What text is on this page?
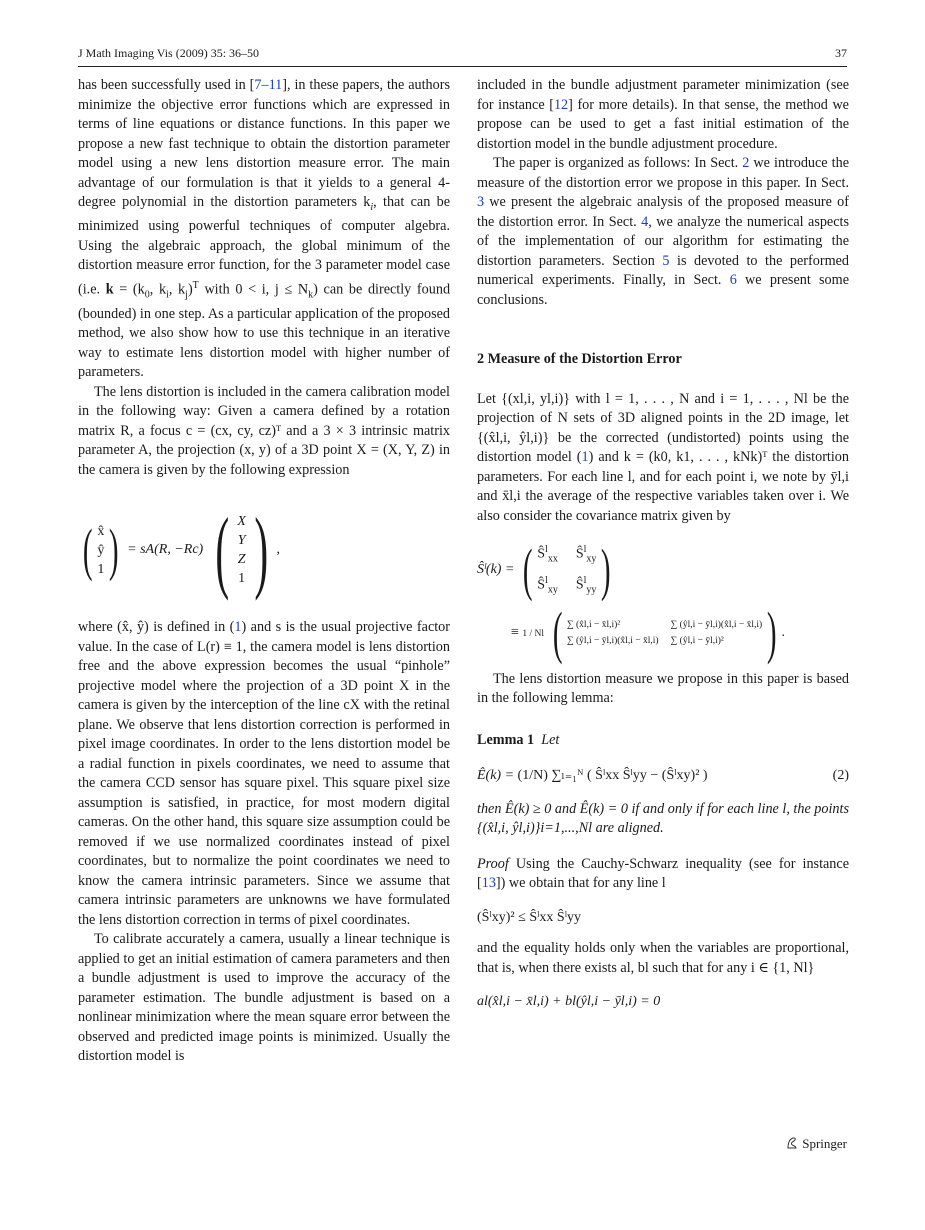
J Math Imaging Vis (2009) 35: 36–50	37

has been successfully used in [7–11], in these papers, the authors minimize the objective error functions which are expressed in terms of line equations or distance functions. In this paper we propose a new fast technique to obtain the distortion parameter model using a new lens distortion measure error. The main advantage of our formulation is that it yields to a general 4-degree polynomial in the distortion parameters $k_i$, that can be minimized using powerful techniques of computer algebra. Using the algebraic approach, the global minimum of the distortion measure error function, for the 3 parameter model case (i.e. $k = (k_0$, $k_i$, $k_j)^T$ with 0 < i, $j \le N_k$) can be directly found (bounded) in one step. As a particular application of the proposed method, we also show how to use this technique in an iterative way to estimate lens distortion model with higher number of parameters.

The lens distortion is included in the camera calibration model in the following way: Given a camera defined by a rotation matrix R, a focus c = (cx, cy, cz)ᵀ and a 3 × 3 intrinsic matrix parameter A, the projection (x, y) of a 3D point X = (X, Y, Z) in the camera is given by the following expression

( x̂
ŷ
1 ) = sA(R, −Rc) ( X
Y
Z
1 ) ,

where (x̂, ŷ) is defined in (1) and s is the usual projective factor value. In the case of L(r) ≡ 1, the camera model is lens distortion free and the above expression becomes the usual “pinhole” projective model where the projection of a 3D point X in the camera is given by the interception of the line cX with the retinal plane. We observe that lens distortion correction is performed in pixel image coordinates. In order to the lens distortion model be a radial function in pixels coordinates, we need to assume that the camera CCD sensor has square pixel. This square pixel size assumption is satisfied, in practice, for most modern digital cameras. On the other hand, this square size assumption could be removed if we use normalized coordinates instead of pixel coordinates, but to normalize the point coordinates we need to know the camera intrinsic parameters. Since we assume that camera intrinsic parameters are unknowns we have formulated the lens distortion correction in terms of pixel coordinates.

To calibrate accurately a camera, usually a linear technique is applied to get an initial estimation of camera parameters and then a bundle adjustment is used to improve the accuracy of the parameter estimation. The bundle adjustment is based on a nonlinear minimization where the mean square error between the observed and predicted image points is minimized. Usually the distortion model is

included in the bundle adjustment parameter minimization (see for instance [12] for more details). In that sense, the method we propose can be used to get a fast initial estimation of the distortion model in the bundle adjustment procedure.

The paper is organized as follows: In Sect. 2 we introduce the measure of the distortion error we propose in this paper. In Sect. 3 we present the algebraic analysis of the proposed measure of the distortion error. In Sect. 4, we analyze the numerical aspects of the implementation of our algorithm for estimating the distortion parameters. Section 5 is devoted to the performed numerical experiments. Finally, in Sect. 6 we present some conclusions.

2 Measure of the Distortion Error

Let {(xl,i, yl,i)} with l = 1, . . . , N and i = 1, . . . , Nl be the projection of N sets of 3D aligned points in the 2D image, let {(x̂l,i, ŷl,i)} be the corrected (undistorted) points using the distortion model (1) and k = (k0, k1, . . . , kNk)ᵀ the distortion parameters. For each line l, and for each point i, we note by ȳl,i and x̄l,i the average of the respective variables taken over i. We also consider the covariance matrix given by

Ŝˡ(k) = ( $Ŝ^l_{xx}$ $Ŝ^l_{xy}$
$Ŝ^l_{xy}$ $Ŝ^l_{yy}$ )
≡ 1 / Nl ( ∑ (x̂l,i − x̄l,i)²	∑ (ŷl,i − ȳl,i)(x̂l,i − x̄l,i)
∑ (ŷl,i − ȳl,i)(x̂l,i − x̄l,i) ∑ (ŷl,i − ȳl,i)² ) .

The lens distortion measure we propose in this paper is based in the following lemma:

Lemma 1 Let

Ê(k) = (1/N) ∑ₗ₌₁ᴺ ( Ŝˡxx Ŝˡyy − (Ŝˡxy)² )	(2)

then Ê(k) ≥ 0 and Ê(k) = 0 if and only if for each line l, the points {(x̂l,i, ŷl,i)}i=1,...,Nl are aligned.

Proof Using the Cauchy-Schwarz inequality (see for instance [13]) we obtain that for any line l

(Ŝˡxy)² ≤ Ŝˡxx Ŝˡyy

and the equality holds only when the variables are proportional, that is, when there exists al, bl such that for any i ∈ {1, Nl}

al(x̂l,i − x̄l,i) + bl(ŷl,i − ȳl,i) = 0
Springer
